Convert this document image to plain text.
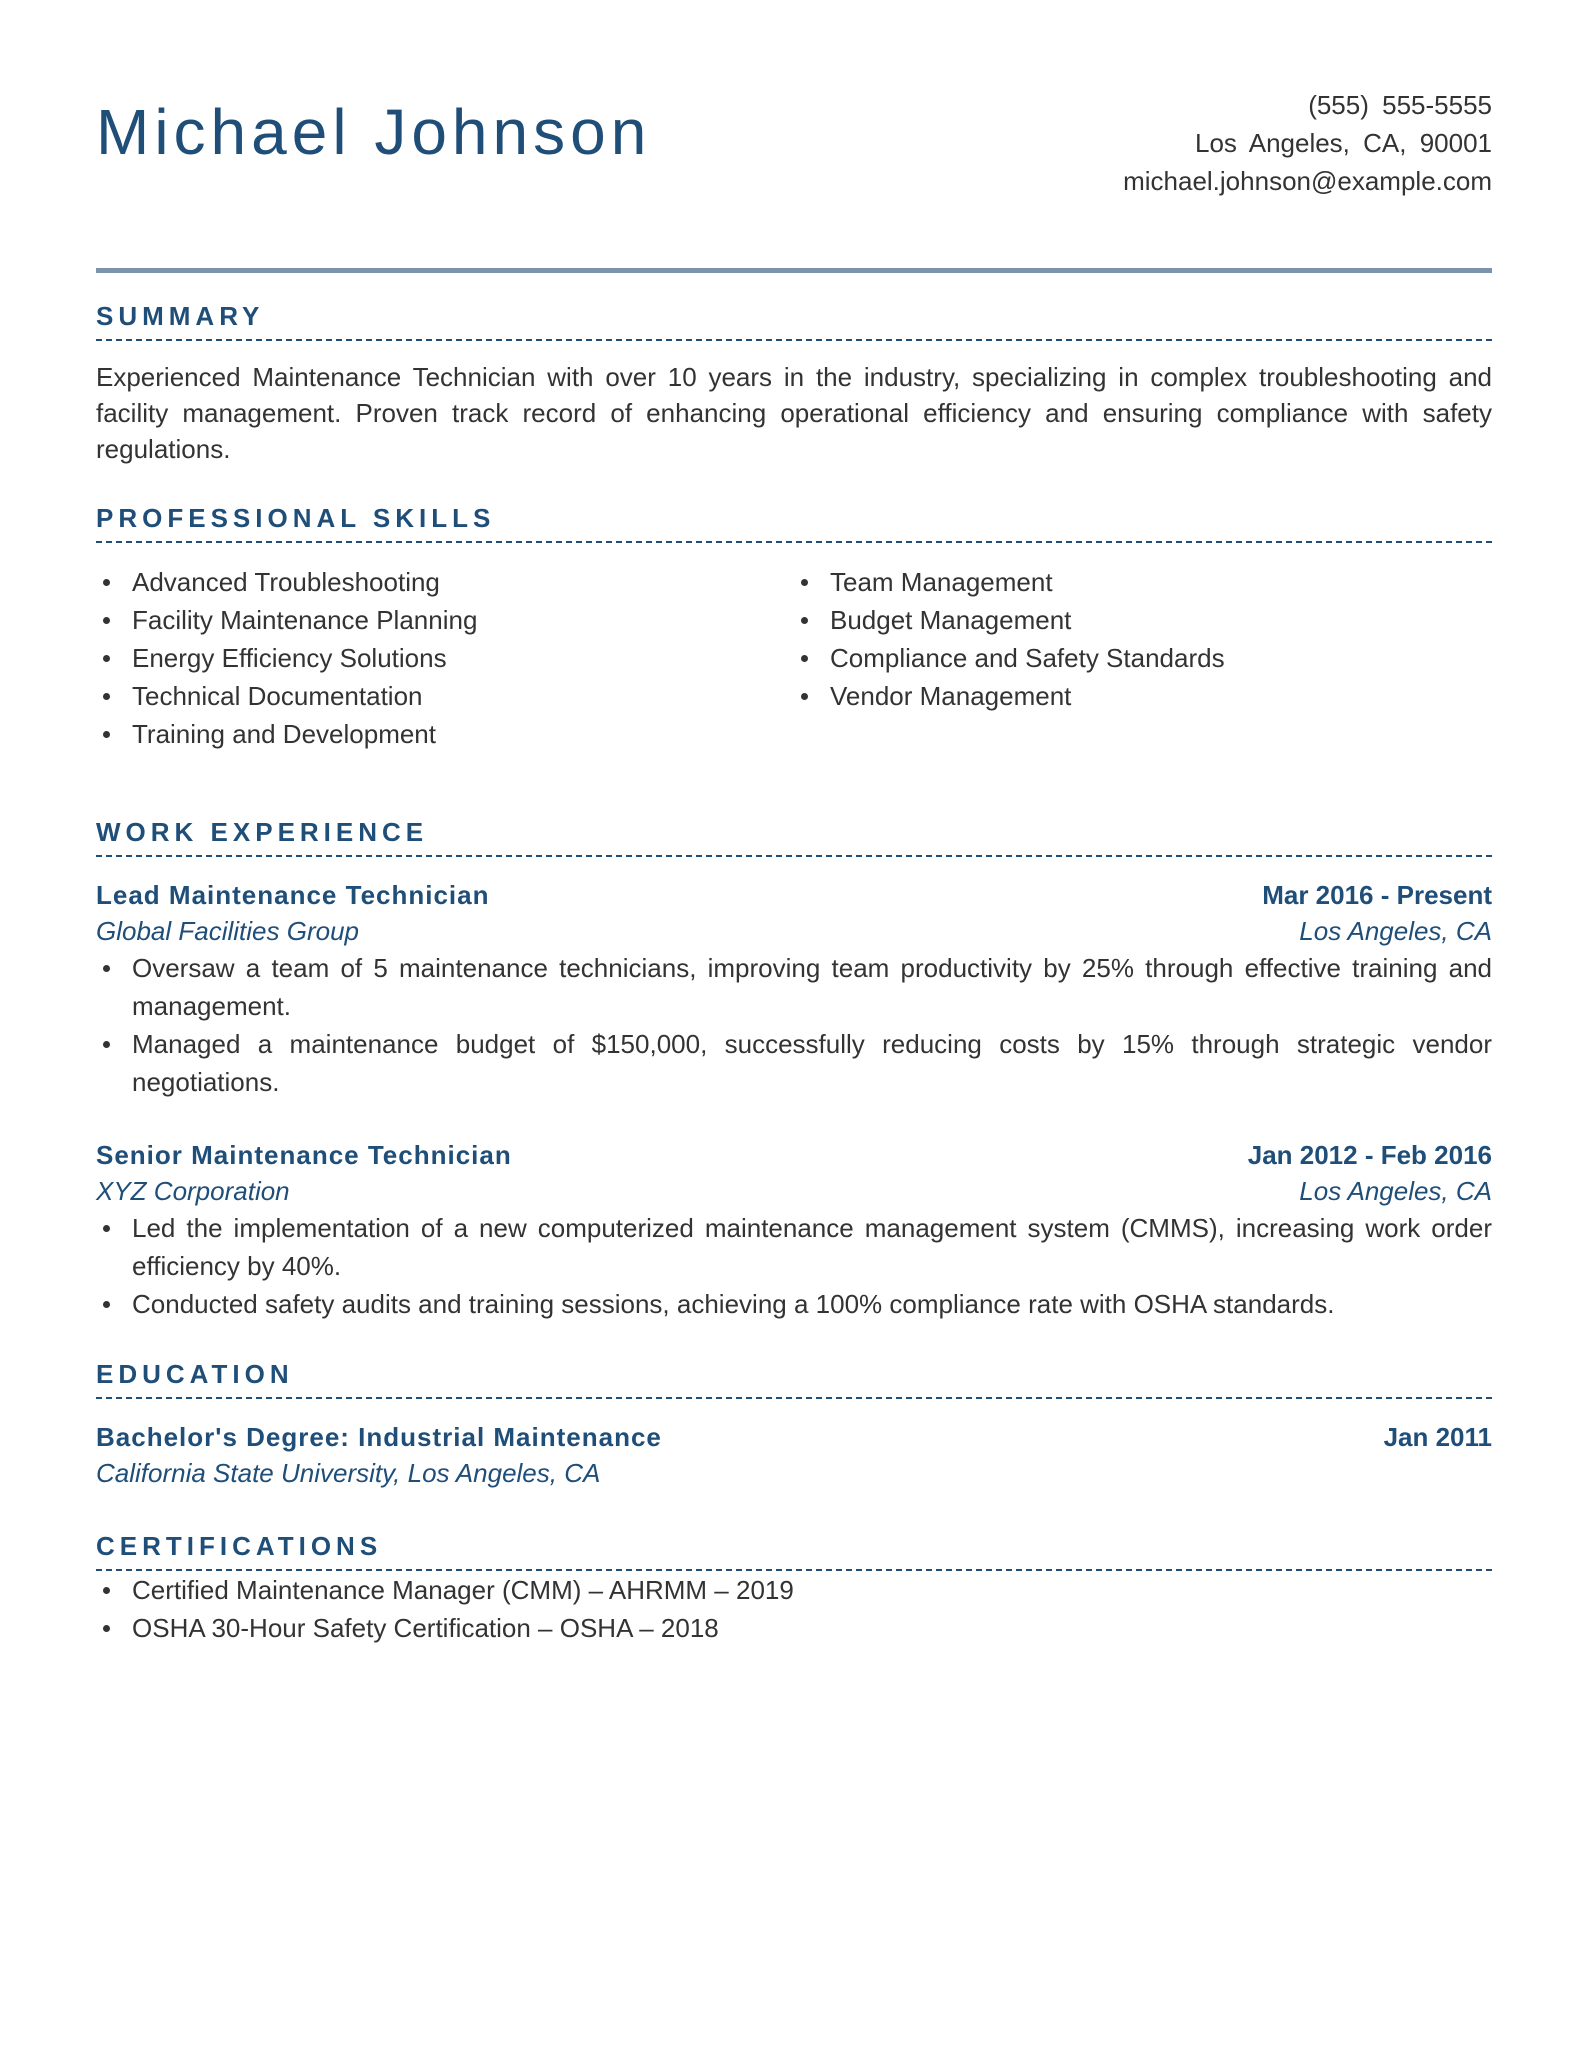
Michael Johnson	(555) 555-5555
Los Angeles, CA, 90001
michael.johnson@example.com
SUMMARY

Experienced Maintenance Technician with over 10 years in the industry, specializing in complex troubleshooting and facility management. Proven track record of enhancing operational efficiency and ensuring compliance with safety regulations.

PROFESSIONAL SKILLS
Advanced Troubleshooting
Facility Maintenance Planning
Energy Efficiency Solutions
Technical Documentation
Training and Development
Team Management
Budget Management
Compliance and Safety Standards
Vendor Management
WORK EXPERIENCE
Lead Maintenance Technician	Mar 2016 - Present
Global Facilities Group	Los Angeles, CA
Oversaw a team of 5 maintenance technicians, improving team productivity by 25% through effective training and management.
Managed a maintenance budget of $150,000, successfully reducing costs by 15% through strategic vendor negotiations.
Senior Maintenance Technician	Jan 2012 - Feb 2016
XYZ Corporation	Los Angeles, CA
Led the implementation of a new computerized maintenance management system (CMMS), increasing work order efficiency by 40%.
Conducted safety audits and training sessions, achieving a 100% compliance rate with OSHA standards.
EDUCATION
Bachelor's Degree: Industrial Maintenance	Jan 2011
California State University, Los Angeles, CA
CERTIFICATIONS
Certified Maintenance Manager (CMM) – AHRMM – 2019
OSHA 30-Hour Safety Certification – OSHA – 2018
